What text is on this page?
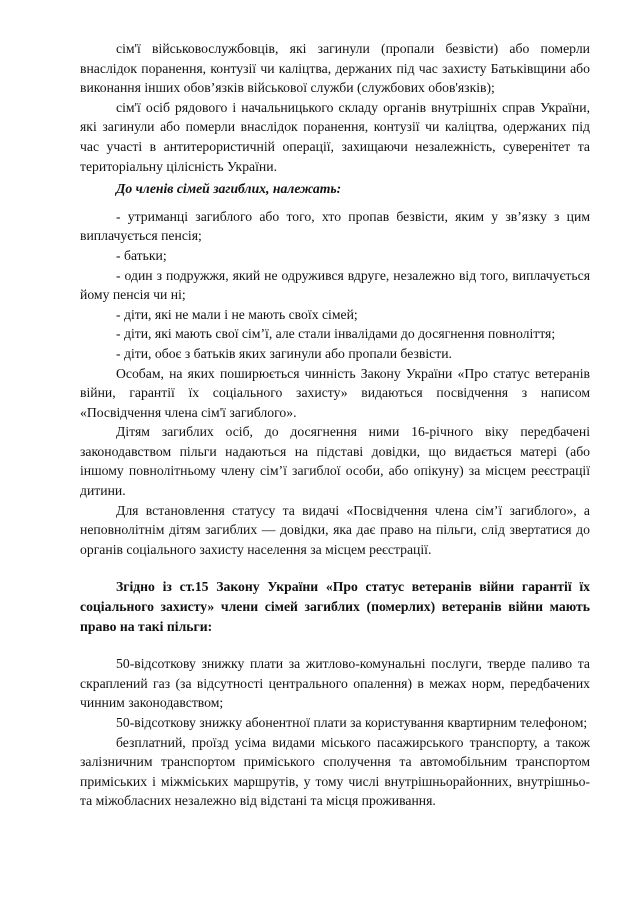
сім'ї військовослужбовців, які загинули (пропали безвісти) або померли внаслідок поранення, контузії чи каліцтва, держаних під час захисту Батьківщини або виконання інших обов’язків військової служби (службових обов'язків);

сім'ї осіб рядового і начальницького складу органів внутрішніх справ України, які загинули або померли внаслідок поранення, контузії чи каліцтва, одержаних під час участі в антитерористичній операції, захищаючи незалежність, суверенітет та територіальну цілісність України.

До членів сімей загиблих, належать:

- утриманці загиблого або того, хто пропав безвісти, яким у зв’язку з цим виплачується пенсія;

- батьки;

- один з подружжя, який не одружився вдруге, незалежно від того, виплачується йому пенсія чи ні;

- діти, які не мали і не мають своїх сімей;

- діти, які мають свої сім’ї, але стали інвалідами до досягнення повноліття;

- діти, обоє з батьків яких загинули або пропали безвісти.

Особам, на яких поширюється чинність Закону України «Про статус ветеранів війни, гарантії їх соціального захисту» видаються посвідчення з написом «Посвідчення члена сім'ї загиблого».

Дітям загиблих осіб, до досягнення ними 16-річного віку передбачені законодавством пільги надаються на підставі довідки, що видається матері (або іншому повнолітньому члену сім’ї загиблої особи, або опікуну) за місцем реєстрації дитини.

Для встановлення статусу та видачі «Посвідчення члена сім’ї загиблого», а неповнолітнім дітям загиблих — довідки, яка дає право на пільги, слід звертатися до органів соціального захисту населення за місцем реєстрації.

Згідно із ст.15 Закону України «Про статус ветеранів війни гарантії їх соціального захисту» члени сімей загиблих (померлих) ветеранів війни мають право на такі пільги:

50-відсоткову знижку плати за житлово-комунальні послуги, тверде паливо та скраплений газ (за відсутності центрального опалення) в межах норм, передбачених чинним законодавством;

50-відсоткову знижку абонентної плати за користування квартирним телефоном;

безплатний, проїзд усіма видами міського пасажирського транспорту, а також залізничним транспортом приміського сполучення та автомобільним транспортом приміських і міжміських маршрутів, у тому числі внутрішньорайонних, внутрішньо- та міжобласних незалежно від відстані та місця проживання.
